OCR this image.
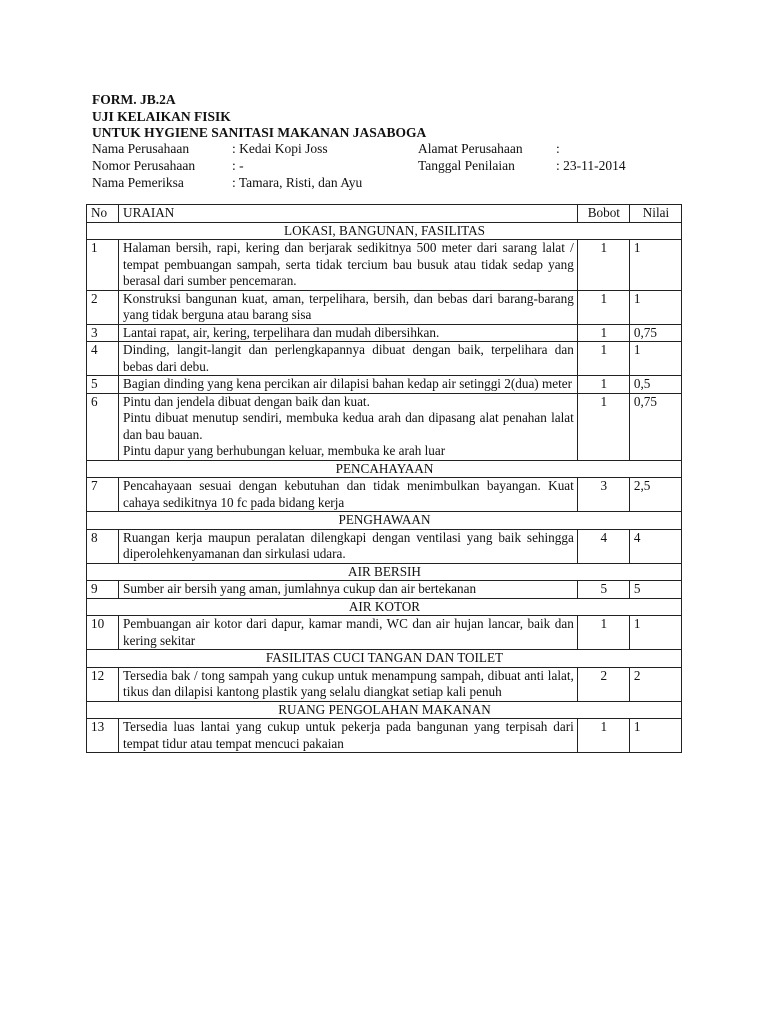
FORM. JB.2A
UJI KELAIKAN FISIK
UNTUK HYGIENE SANITASI MAKANAN JASABOGA
Nama Perusahaan	: Kedai Kopi Joss	Alamat Perusahaan :
Nomor Perusahaan	: -	Tanggal Penilaian	: 23-11-2014
Nama Pemeriksa	: Tamara, Risti, dan Ayu
No	URAIAN	Bobot	Nilai
LOKASI, BANGUNAN, FASILITAS			
1	Halaman bersih, rapi, kering dan berjarak sedikitnya 500 meter dari sarang lalat / tempat pembuangan sampah, serta tidak tercium bau busuk atau tidak sedap yang berasal dari sumber pencemaran.	1	1
2	Konstruksi bangunan kuat, aman, terpelihara, bersih, dan bebas dari barang-barang yang tidak berguna atau barang sisa	1	1
3	Lantai rapat, air, kering, terpelihara dan mudah dibersihkan.	1	0,75
4	Dinding, langit-langit dan perlengkapannya dibuat dengan baik, terpelihara dan bebas dari debu.	1	1
5	Bagian dinding yang kena percikan air dilapisi bahan kedap air setinggi 2(dua) meter	1	0,5
6	Pintu dan jendela dibuat dengan baik dan kuat.
Pintu dibuat menutup sendiri, membuka kedua arah dan dipasang alat penahan lalat dan bau bauan.
Pintu dapur yang berhubungan keluar, membuka ke arah luar	1	0,75
PENCAHAYAAN			
7	Pencahayaan sesuai dengan kebutuhan dan tidak menimbulkan bayangan. Kuat cahaya sedikitnya 10 fc pada bidang kerja	3	2,5
PENGHAWAAN			
8	Ruangan kerja maupun peralatan dilengkapi dengan ventilasi yang baik sehingga diperolehkenyamanan dan sirkulasi udara.	4	4
AIR BERSIH			
9	Sumber air bersih yang aman, jumlahnya cukup dan air bertekanan	5	5
AIR KOTOR			
10	Pembuangan air kotor dari dapur, kamar mandi, WC dan air hujan lancar, baik dan kering sekitar	1	1
FASILITAS CUCI TANGAN DAN TOILET			
12	Tersedia bak / tong sampah yang cukup untuk menampung sampah, dibuat anti lalat, tikus dan dilapisi kantong plastik yang selalu diangkat setiap kali penuh	2	2
RUANG PENGOLAHAN MAKANAN			
13	Tersedia luas lantai yang cukup untuk pekerja pada bangunan yang terpisah dari tempat tidur atau tempat mencuci pakaian	1	1
